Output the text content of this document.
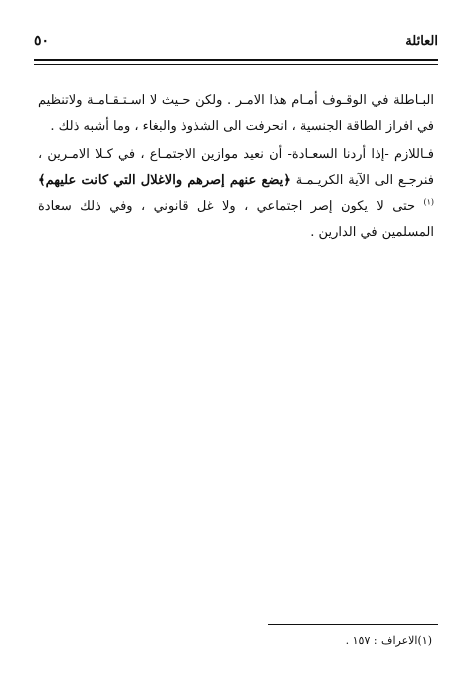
العائلة
٥٠

البـاطلة في الوقـوف أمـام هذا الامـر . ولكن حـيث لا اسـتـقـامـة ولاتنظيم في افراز الطاقة الجنسية ، انحرفت الى الشذوذ والبغاء ، وما أشبه ذلك .

فـاللازم -إذا أردنا السعـادة- أن نعيد موازين الاجتمـاع ، في كـلا الامـرين ، فنرجـع الى الآية الكريـمـة ﴿يضع عنهم إصرهم والاغلال التي كانت عليهم﴾ $^{(١)}$ حتى لا يكون إصر اجتماعي ، ولا غل قانوني ، وفي ذلك سعادة المسلمين في الدارين .

(١)الاعراف : ١٥٧ .
